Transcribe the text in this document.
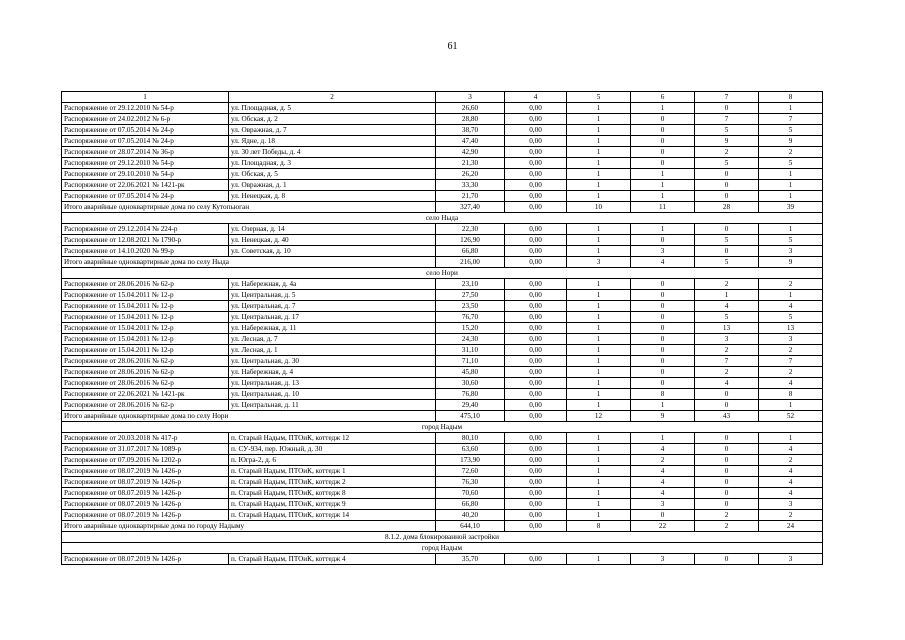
61
1	2	3	4	5	6	7	8
Распоряжение от 29.12.2010 № 54-р	ул. Площадная, д. 5	26,60	0,00	1	1	0	1
Распоряжение от 24.02.2012 № 6-р	ул. Обская, д. 2	28,80	0,00	1	0	7	7
Распоряжение от 07.05.2014 № 24-р	ул. Овражная, д. 7	38,70	0,00	1	0	5	5
Распоряжение от 07.05.2014 № 24-р	ул. Ядне, д. 18	47,40	0,00	1	0	9	9
Распоряжение от 28.07.2014 № 36-р	ул. 30 лет Победы, д. 4	42,90	0,00	1	0	2	2
Распоряжение от 29.12.2010 № 54-р	ул. Площадная, д. 3	21,30	0,00	1	0	5	5
Распоряжение от 29.10.2010 № 54-р	ул. Обская, д. 5	26,20	0,00	1	1	0	1
Распоряжение от 22.06.2021 № 1421-рк	ул. Овражная, д. 1	33,30	0,00	1	1	0	1
Распоряжение от 07.05.2014 № 24-р	ул. Ненецкая, д. 8	21,70	0,00	1	1	0	1
Итого аварийные одноквартирные дома по селу Кутопьюган		327,40	0,00	10	11	28	39
село Ныда							
Распоряжение от 29.12.2014 № 224-р	ул. Озерная, д. 14	22,30	0,00	1	1	0	1
Распоряжение от 12.08.2021 № 1790-р	ул. Ненецкая, д. 40	126,90	0,00	1	0	5	5
Распоряжение от 14.10.2020 № 99-р	ул. Советская, д. 10	66,80	0,00	1	3	0	3
Итого аварийные одноквартирные дома по селу Ныда		216,00	0,00	3	4	5	9
село Нори							
Распоряжение от 28.06.2016 № 62-р	ул. Набережная, д. 4а	23,10	0,00	1	0	2	2
Распоряжение от 15.04.2011 № 12-р	ул. Центральная, д. 5	27,50	0,00	1	0	1	1
Распоряжение от 15.04.2011 № 12-р	ул. Центральная, д. 7	23,50	0,00	1	0	4	4
Распоряжение от 15.04.2011 № 12-р	ул. Центральная, д. 17	76,70	0,00	1	0	5	5
Распоряжение от 15.04.2011 № 12-р	ул. Набережная, д. 11	15,20	0,00	1	0	13	13
Распоряжение от 15.04.2011 № 12-р	ул. Лесная, д. 7	24,30	0,00	1	0	3	3
Распоряжение от 15.04.2011 № 12-р	ул. Лесная, д. 1	31,10	0,00	1	0	2	2
Распоряжение от 28.06.2016 № 62-р	ул. Центральная, д. 30	71,10	0,00	1	0	7	7
Распоряжение от 28.06.2016 № 62-р	ул. Набережная, д. 4	45,80	0,00	1	0	2	2
Распоряжение от 28.06.2016 № 62-р	ул. Центральная, д. 13	30,60	0,00	1	0	4	4
Распоряжение от 22.06.2021 № 1421-рк	ул. Центральная, д. 10	76,80	0,00	1	8	0	8
Распоряжение от 28.06.2016 № 62-р	ул. Центральная, д. 11	29,40	0,00	1	1	0	1
Итого аварийные одноквартирные дома по селу Нори		475,10	0,00	12	9	43	52
город Надым							
Распоряжение от 20.03.2018 № 417-р	п. Старый Надым, ПТОиК, коттедж 12	80,10	0,00	1	1	0	1
Распоряжение от 31.07.2017 № 1089-р	п. СУ-934, пер. Южный, д. 30	63,60	0,00	1	4	0	4
Распоряжение от 07.09.2016 № 1202-р	п. Югра-2, д. 6	173,90	0,00	1	2	0	2
Распоряжение от 08.07.2019 № 1426-р	п. Старый Надым, ПТОиК, коттедж 1	72,60	0,00	1	4	0	4
Распоряжение от 08.07.2019 № 1426-р	п. Старый Надым, ПТОиК, коттедж 2	76,30	0,00	1	4	0	4
Распоряжение от 08.07.2019 № 1426-р	п. Старый Надым, ПТОиК, коттедж 8	70,60	0,00	1	4	0	4
Распоряжение от 08.07.2019 № 1426-р	п. Старый Надым, ПТОиК, коттедж 9	66,80	0,00	1	3	0	3
Распоряжение от 08.07.2019 № 1426-р	п. Старый Надым, ПТОиК, коттедж 14	40,20	0,00	1	0	2	2
Итого аварийные одноквартирные дома по городу Надыму		644,10	0,00	8	22	2	24
8.1.2. дома блокированной застройки							
город Надым							
Распоряжение от 08.07.2019 № 1426-р	п. Старый Надым, ПТОиК, коттедж 4	35,70	0,00	1	3	0	3
